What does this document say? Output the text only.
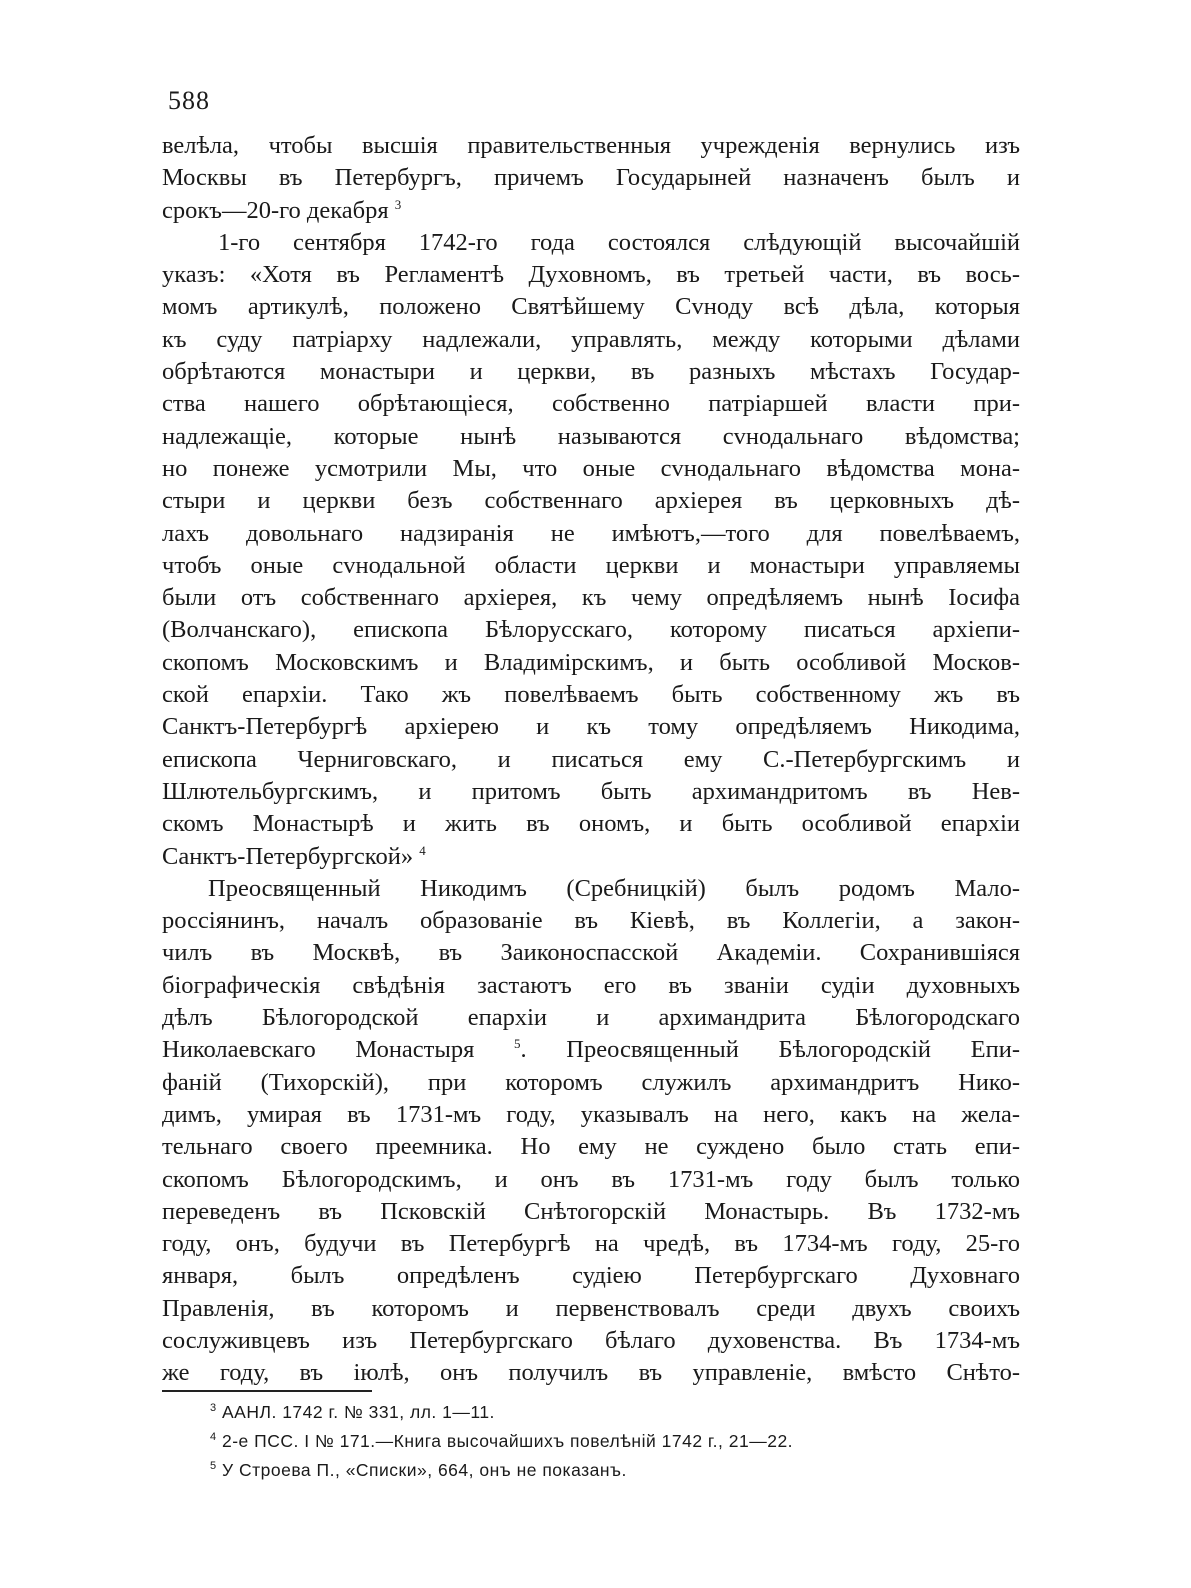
588
велѣла, чтобы высшія правительственныя учрежденія вернулись изъ
Москвы въ Петербургъ, причемъ Государыней назначенъ былъ и
срокъ—20-го декабря $^3$
1-го сентября 1742-го года состоялся слѣдующій высочайшій
указъ: «Хотя въ Регламентѣ Духовномъ, въ третьей части, въ вось-
момъ артикулѣ, положено Святѣйшему Сvноду всѣ дѣла, которыя
къ суду патріарху надлежали, управлять, между которыми дѣлами
обрѣтаются монастыри и церкви, въ разныхъ мѣстахъ Государ-
ства нашего обрѣтающіеся, собственно патріаршей власти при-
надлежащіе, которые нынѣ называются сvнодальнаго вѣдомства;
но понеже усмотрили Мы, что оные сvнодальнаго вѣдомства мона-
стыри и церкви безъ собственнаго архіерея въ церковныхъ дѣ-
лахъ довольнаго надзиранія не имѣютъ,—того для повелѣваемъ,
чтобъ оные сvнодальной области церкви и монастыри управляемы
были отъ собственнаго архіерея, къ чему опредѣляемъ нынѣ Іосифа
(Волчанскаго), епископа Бѣлорусскаго, которому писаться архіепи-
скопомъ Московскимъ и Владимірскимъ, и быть особливой Москов-
ской епархіи. Тако жъ повелѣваемъ быть собственному жъ въ
Санктъ-Петербургѣ архіерею и къ тому опредѣляемъ Никодима,
епископа Черниговскаго, и писаться ему С.-Петербургскимъ и
Шлютельбургскимъ, и притомъ быть архимандритомъ въ Нев-
скомъ Монастырѣ и жить въ ономъ, и быть особливой епархіи
Санктъ-Петербургской» $^4$
Преосвященный Никодимъ (Сребницкій) былъ родомъ Мало-
россіянинъ, началъ образованіе въ Кіевѣ, въ Коллегіи, а закон-
чилъ въ Москвѣ, въ Заиконоспасской Академіи. Сохранившіяся
біографическія свѣдѣнія застаютъ его въ званіи судіи духовныхъ
дѣлъ Бѣлогородской епархіи и архимандрита Бѣлогородскаго
Николаевскаго Монастыря	$^5$. Преосвященный Бѣлогородскій Епи-
фаній (Тихорскій), при которомъ служилъ архимандритъ Нико-
димъ, умирая въ 1731-мъ году, указывалъ на него, какъ на жела-
тельнаго своего преемника. Но ему не суждено было стать епи-
скопомъ Бѣлогородскимъ, и онъ въ 1731-мъ году былъ только
переведенъ въ Псковскій Снѣтогорскій Монастырь. Въ 1732-мъ
году, онъ, будучи въ Петербургѣ на чредѣ, въ 1734-мъ году, 25-го
января, былъ опредѣленъ судіею Петербургскаго Духовнаго
Правленія, въ которомъ и первенствовалъ среди двухъ своихъ
сослуживцевъ изъ Петербургскаго бѣлаго духовенства. Въ 1734-мъ
же году, въ іюлѣ, онъ получилъ въ управленіе, вмѣсто Снѣто-
$^3$ ААНЛ. 1742 г. № 331, лл. 1—11.
$^4$ 2-е ПСС. I № 171.—Книга высочайшихъ повелѣній 1742 г., 21—22.
$^5$ У Строева П., «Списки», 664, онъ не показанъ.
